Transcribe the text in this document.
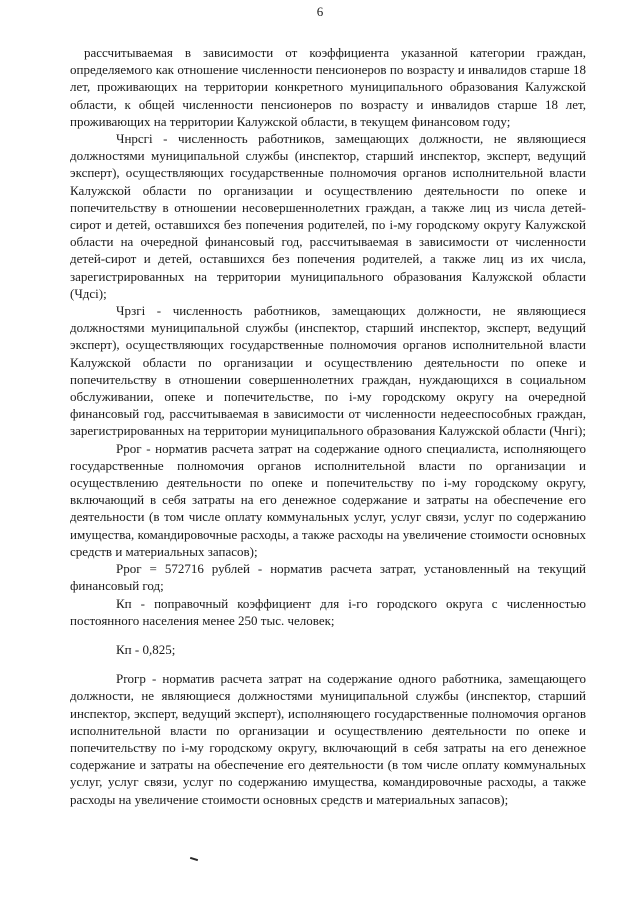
6

рассчитываемая в зависимости от коэффициента указанной категории граждан, определяемого как отношение численности пенсионеров по возрасту и инвалидов старше 18 лет, проживающих на территории конкретного муниципального образования Калужской области, к общей численности пенсионеров по возрасту и инвалидов старше 18 лет, проживающих на территории Калужской области, в текущем финансовом году;

Чнрсгі - численность работников, замещающих должности, не являющиеся должностями муниципальной службы (инспектор, старший инспектор, эксперт, ведущий эксперт), осуществляющих государственные полномочия органов исполнительной власти Калужской области по организации и осуществлению деятельности по опеке и попечительству в отношении несовершеннолетних граждан, а также лиц из числа детей-сирот и детей, оставшихся без попечения родителей, по і-му городскому округу Калужской области на очередной финансовый год, рассчитываемая в зависимости от численности детей-сирот и детей, оставшихся без попечения родителей, а также лиц из их числа, зарегистрированных на территории муниципального образования Калужской области (Чдсі);

Чрзгі - численность работников, замещающих должности, не являющиеся должностями муниципальной службы (инспектор, старший инспектор, эксперт, ведущий эксперт), осуществляющих государственные полномочия органов исполнительной власти Калужской области по организации и осуществлению деятельности по опеке и попечительству в отношении совершеннолетних граждан, нуждающихся в социальном обслуживании, опеке и попечительстве, по і-му городскому округу на очередной финансовый год, рассчитываемая в зависимости от численности недееспособных граждан, зарегистрированных на территории муниципального образования Калужской области (Чнгі);

Ррог - норматив расчета затрат на содержание одного специалиста, исполняющего государственные полномочия органов исполнительной власти по организации и осуществлению деятельности по опеке и попечительству по і-му городскому округу, включающий в себя затраты на его денежное содержание и затраты на обеспечение его деятельности (в том числе оплату коммунальных услуг, услуг связи, услуг по содержанию имущества, командировочные расходы, а также расходы на увеличение стоимости основных средств и материальных запасов);

Ррог = 572716 рублей - норматив расчета затрат, установленный на текущий финансовый год;

Кп - поправочный коэффициент для і-го городского округа с численностью постоянного населения менее 250 тыс. человек;

Кп - 0,825;

Рrогр - норматив расчета затрат на содержание одного работника, замещающего должности, не являющиеся должностями муниципальной службы (инспектор, старший инспектор, эксперт, ведущий эксперт), исполняющего государственные полномочия органов исполнительной власти по организации и осуществлению деятельности по опеке и попечительству по і-му городскому округу, включающий в себя затраты на его денежное содержание и затраты на обеспечение его деятельности (в том числе оплату коммунальных услуг, услуг связи, услуг по содержанию имущества, командировочные расходы, а также расходы на увеличение стоимости основных средств и материальных запасов);
